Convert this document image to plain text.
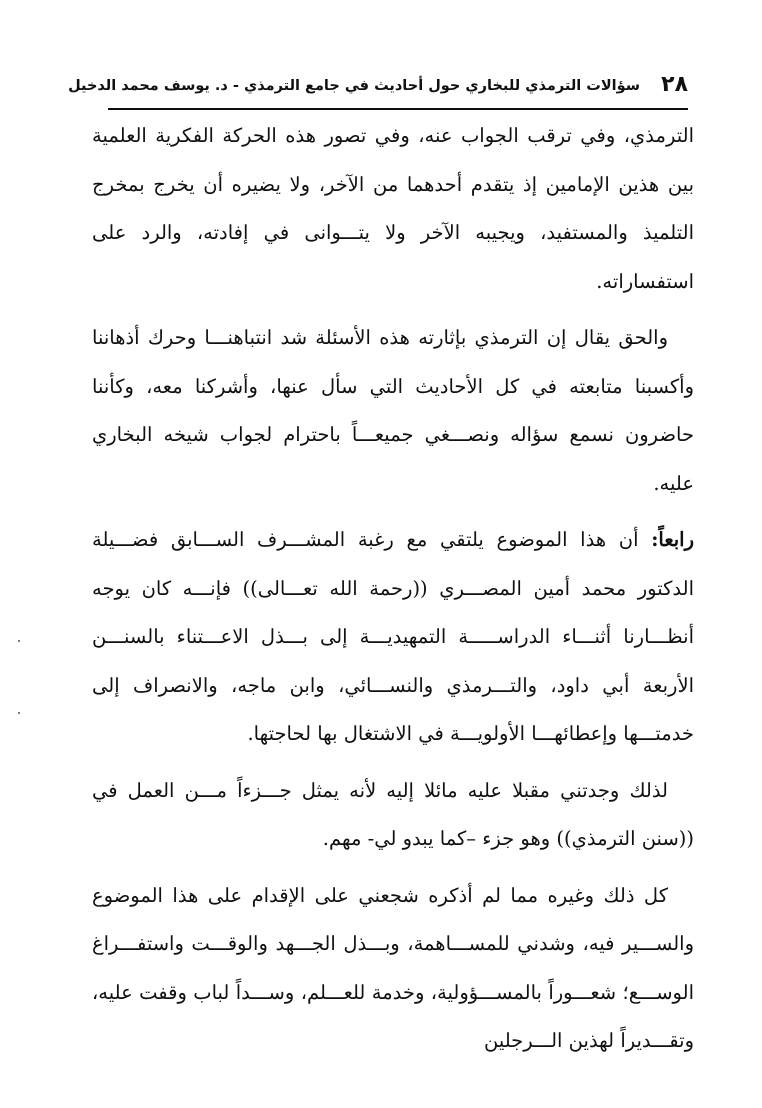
٢٨
سؤالات الترمذي للبخاري حول أحاديث في جامع الترمذي - د. يوسف محمد الدخيل

الترمذي، وفي ترقب الجواب عنه، وفي تصور هذه الحركة الفكرية العلمية بين هذين الإمامين إذ يتقدم أحدهما من الآخر، ولا يضيره أن يخرج بمخرج التلميذ والمستفيد، ويجيبه الآخر ولا يتـــوانى في إفادته، والرد على استفساراته.

والحق يقال إن الترمذي بإثارته هذه الأسئلة شد انتباهنـــا وحرك أذهاننا وأكسبنا متابعته في كل الأحاديث التي سأل عنها، وأشركنا معه، وكأننا حاضرون نسمع سؤاله ونصـــغي جميعـــاً باحترام لجواب شيخه البخاري عليه.

رابعاً: أن هذا الموضوع يلتقي مع رغبة المشـــرف الســـابق فضـــيلة الدكتور محمد أمين المصـــري ((رحمة الله تعـــالى)) فإنـــه كان يوجه أنظـــارنا أثنـــاء الدراســـــة التمهيديـــة إلى بـــذل الاعـــتناء بالسنـــن الأربعة أبي داود، والتـــرمذي والنســـائي، وابن ماجه، والانصراف إلى خدمتـــها وإعطائهـــا الأولويـــة في الاشتغال بها لحاجتها.

لذلك وجدتني مقبلا عليه مائلا إليه لأنه يمثل جـــزءاً مـــن العمل في ((سنن الترمذي)) وهو جزء –كما يبدو لي- مهم.

كل ذلك وغيره مما لم أذكره شجعني على الإقدام على هذا الموضوع والســـير فيه، وشدني للمســـاهمة، وبـــذل الجـــهد والوقـــت واستفـــراغ الوســـع؛ شعـــوراً بالمســـؤولية، وخدمة للعـــلم، وســـداً لباب وقفت عليه، وتقـــديراً لهذين الـــرجلين
